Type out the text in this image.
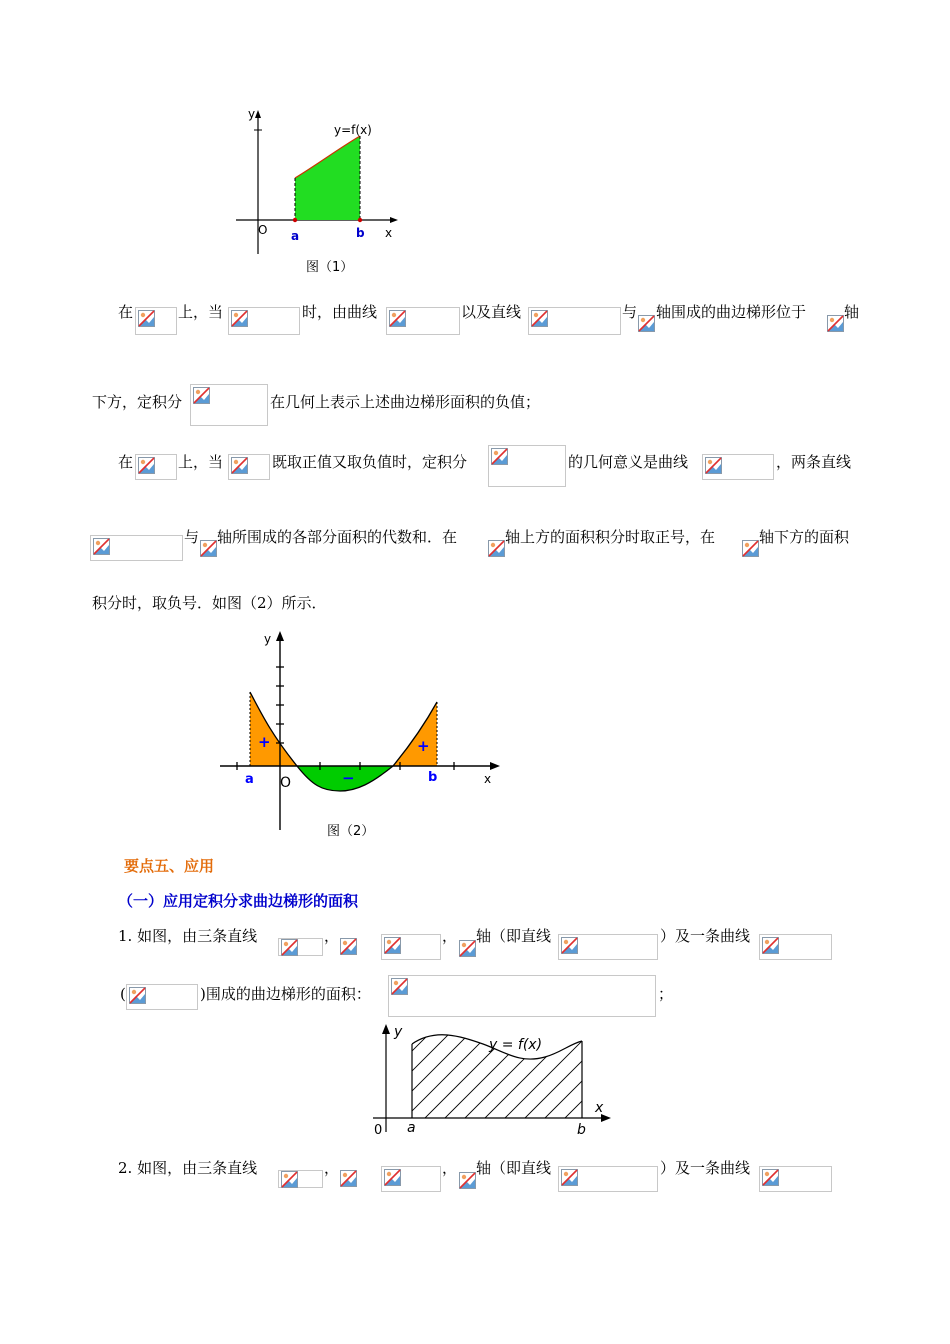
y
x
O
y=f(x)
a	b
图（1）
在	上，当	时，由曲线	以及直线	与 轴围成的曲边梯形位于	轴
下方，定积分	在几何上表示上述曲边梯形面积的负值；
在	上，当	既取正值又取负值时，定积分	的几何意义是曲线	，两条直线
与 轴所围成的各部分面积的代数和．在	轴上方的面积积分时取正号，在	轴下方的面积
积分时，取负号．如图（2）所示．
y
x
O
a	b
+	+
−
图（2）
要点五、应用
（一）应用定积分求曲边梯形的面积
1. 如图，由三条直线	，	， 轴（即直线	）及一条曲线
(	)围成的曲边梯形的面积：	；
y
x
0
y = f(x)
a	b
2. 如图，由三条直线	，	， 轴（即直线	）及一条曲线
